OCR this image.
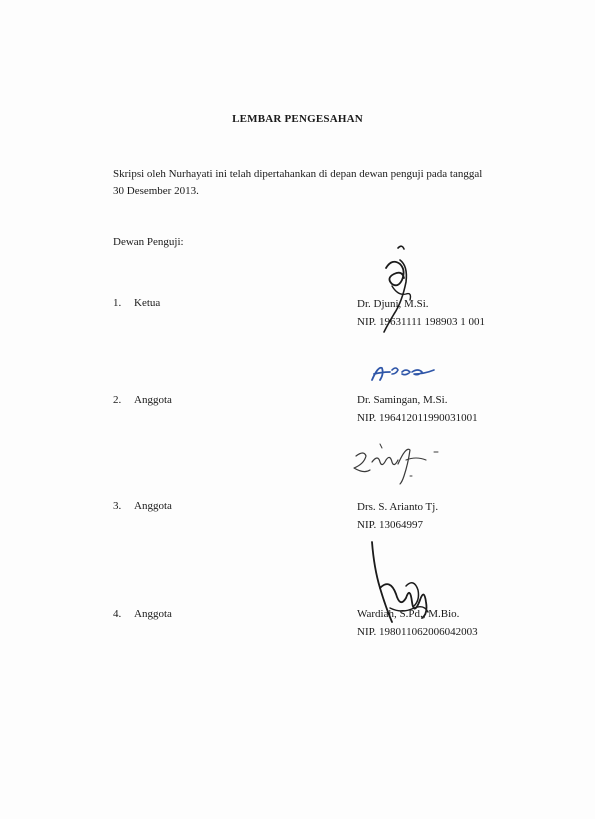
LEMBAR PENGESAHAN
Skripsi oleh Nurhayati ini telah dipertahankan di depan dewan penguji pada tanggal
30 Desember 2013.
Dewan Penguji:
1. Ketua	Dr. Djuni, M.Si.
NIP. 19631111 198903 1 001
2. Anggota	Dr. Samingan, M.Si.
NIP. 196412011990031001
3. Anggota	Drs. S. Arianto Tj.
NIP. 13064997
4. Anggota	Wardiah, S.Pd., M.Bio.
NIP. 198011062006042003
